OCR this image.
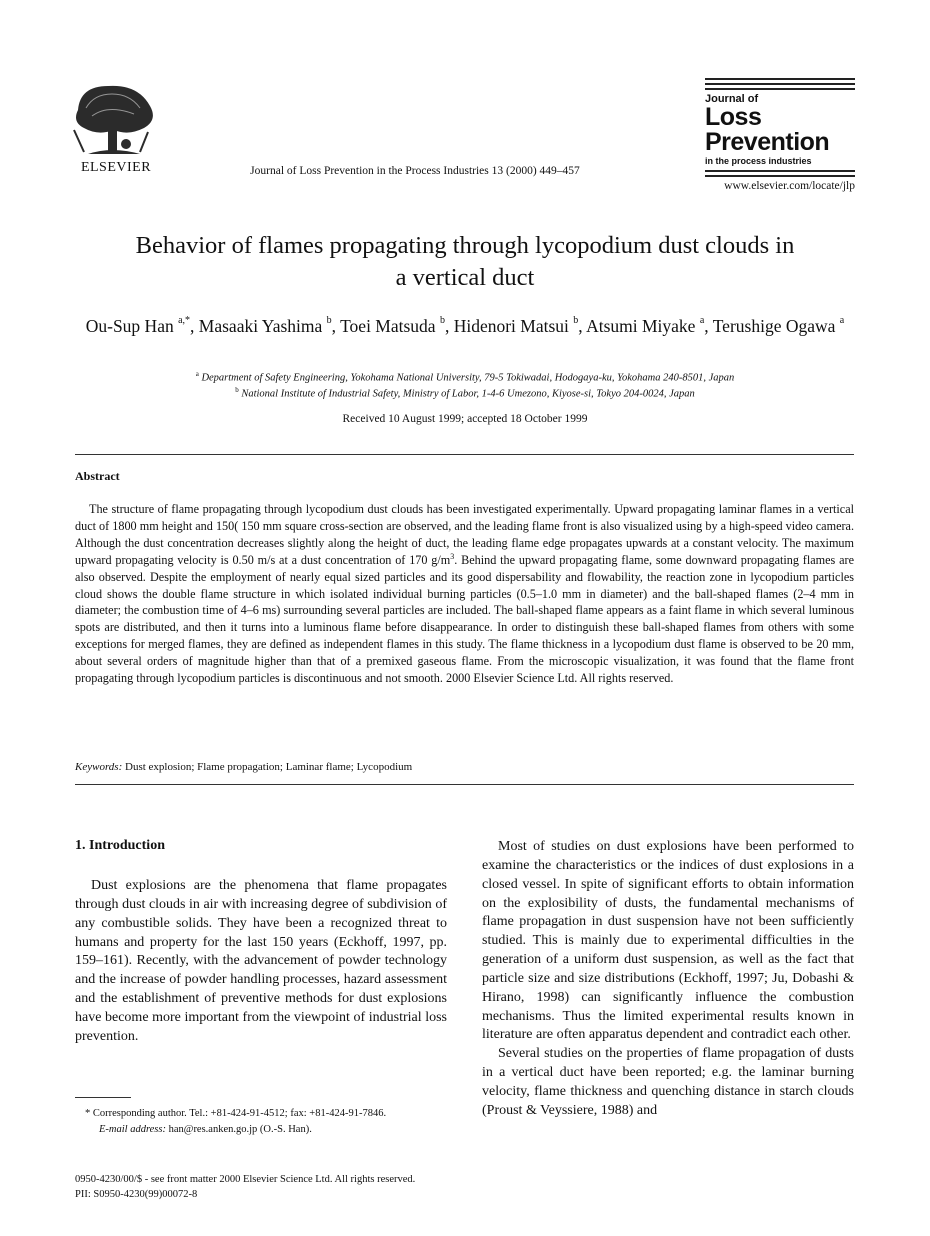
ELSEVIER	Journal of Loss Prevention in the Process Industries 13 (2000) 449–457
Journal of
Loss
Prevention
in the process industries
www.elsevier.com/locate/jlp
Behavior of flames propagating through lycopodium dust clouds in
a vertical duct
Ou-Sup Han $^{a,*}$, Masaaki Yashima $^b$, Toei Matsuda $^b$, Hidenori Matsui $^b$, Atsumi Miyake $^a$, Terushige Ogawa $^a$
$^a$ Department of Safety Engineering, Yokohama National University, 79-5 Tokiwadai, Hodogaya-ku, Yokohama 240-8501, Japan
$^b$ National Institute of Industrial Safety, Ministry of Labor, 1-4-6 Umezono, Kiyose-si, Tokyo 204-0024, Japan
Received 10 August 1999; accepted 18 October 1999
Abstract
The structure of flame propagating through lycopodium dust clouds has been investigated experimentally. Upward propagating laminar flames in a vertical duct of 1800 mm height and 150( 150 mm square cross-section are observed, and the leading flame front is also visualized using by a high-speed video camera. Although the dust concentration decreases slightly along the height of duct, the leading flame edge propagates upwards at a constant velocity. The maximum upward propagating velocity is 0.50 m/s at a dust concentration of 170 $g/m^3$. Behind the upward propagating flame, some downward propagating flames are also observed. Despite the employment of nearly equal sized particles and its good dispersability and flowability, the reaction zone in lycopodium particles cloud shows the double flame structure in which isolated individual burning particles (0.5–1.0 mm in diameter) and the ball-shaped flames (2–4 mm in diameter; the combustion time of 4–6 ms) surrounding several particles are included. The ball-shaped flame appears as a faint flame in which several luminous spots are distributed, and then it turns into a luminous flame before disappearance. In order to distinguish these ball-shaped flames from others with some exceptions for merged flames, they are defined as independent flames in this study. The flame thickness in a lycopodium dust flame is observed to be 20 mm, about several orders of magnitude higher than that of a premixed gaseous flame. From the microscopic visualization, it was found that the flame front propagating through lycopodium particles is discontinuous and not smooth. 2000 Elsevier Science Ltd. All rights reserved.
Keywords: Dust explosion; Flame propagation; Laminar flame; Lycopodium
1. Introduction

Dust explosions are the phenomena that flame propagates through dust clouds in air with increasing degree of subdivision of any combustible solids. They have been a recognized threat to humans and property for the last 150 years (Eckhoff, 1997, pp. 159–161). Recently, with the advancement of powder technology and the increase of powder handling processes, hazard assessment and the establishment of preventive methods for dust explosions have become more important from the viewpoint of industrial loss prevention.

Most of studies on dust explosions have been performed to examine the characteristics or the indices of dust explosions in a closed vessel. In spite of significant efforts to obtain information on the explosibility of dusts, the fundamental mechanisms of flame propagation in dust suspension have not been sufficiently studied. This is mainly due to experimental difficulties in the generation of a uniform dust suspension, as well as the fact that particle size and size distributions (Eckhoff, 1997; Ju, Dobashi & Hirano, 1998) can significantly influence the combustion mechanisms. Thus the limited experimental results known in literature are often apparatus dependent and contradict each other.

Several studies on the properties of flame propagation of dusts in a vertical duct have been reported; e.g. the laminar burning velocity, flame thickness and quenching distance in starch clouds (Proust & Veyssiere, 1988) and

* Corresponding author. Tel.: +81-424-91-4512; fax: +81-424-91-7846.
E-mail address: han@res.anken.go.jp (O.-S. Han).
0950-4230/00/$ - see front matter 2000 Elsevier Science Ltd. All rights reserved.
PII: S0950-4230(99)00072-8
